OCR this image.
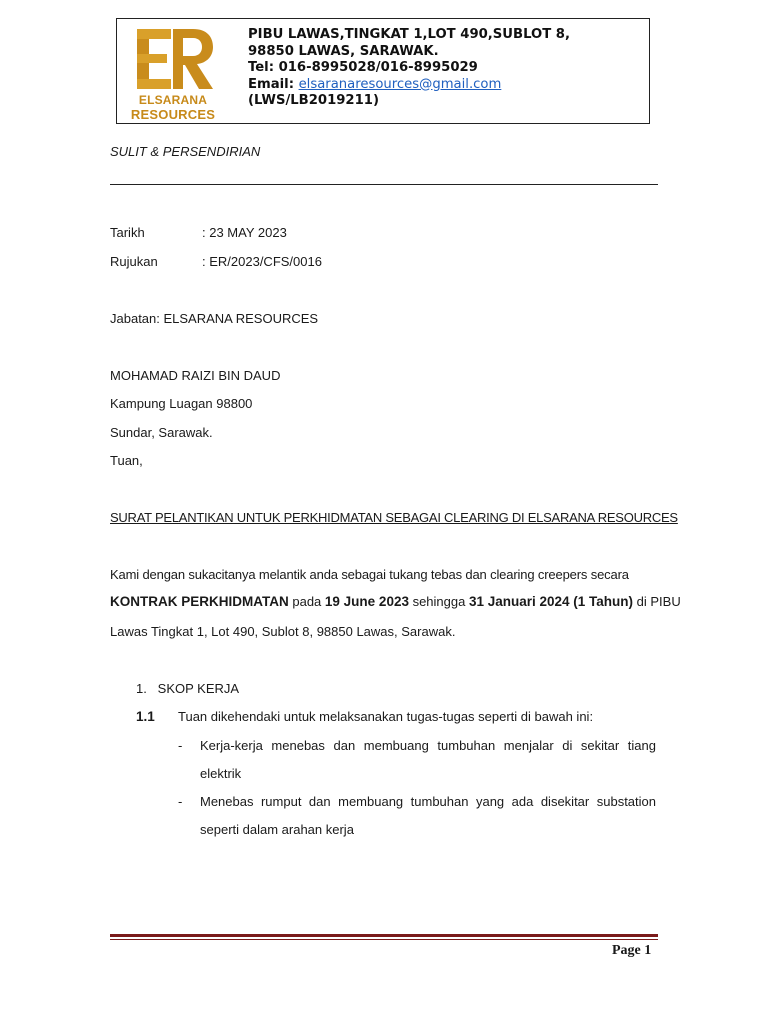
ELSARANA
RESOURCES
PIBU LAWAS,TINGKAT 1,LOT 490,SUBLOT 8,
98850 LAWAS, SARAWAK.
Tel: 016-8995028/016-8995029
Email: elsaranaresources@gmail.com
(LWS/LB2019211)
SULIT & PERSENDIRIAN
Tarikh	: 23 MAY 2023
Rujukan	: ER/2023/CFS/0016
Jabatan: ELSARANA RESOURCES
MOHAMAD RAIZI BIN DAUD
Kampung Luagan 98800
Sundar, Sarawak.
Tuan,
SURAT PELANTIKAN UNTUK PERKHIDMATAN SEBAGAI CLEARING DI ELSARANA RESOURCES
Kami dengan sukacitanya melantik anda sebagai tukang tebas dan clearing creepers secara
KONTRAK PERKHIDMATAN pada 19 June 2023 sehingga 31 Januari 2024 (1 Tahun) di PIBU
Lawas Tingkat 1, Lot 490, Sublot 8, 98850 Lawas, Sarawak.
1.   SKOP KERJA
1.1 Tuan dikehendaki untuk melaksanakan tugas-tugas seperti di bawah ini:
- Kerja-kerja menebas dan membuang tumbuhan menjalar di sekitar tiang
elektrik
- Menebas rumput dan membuang tumbuhan yang ada disekitar substation
seperti dalam arahan kerja
Page 1
